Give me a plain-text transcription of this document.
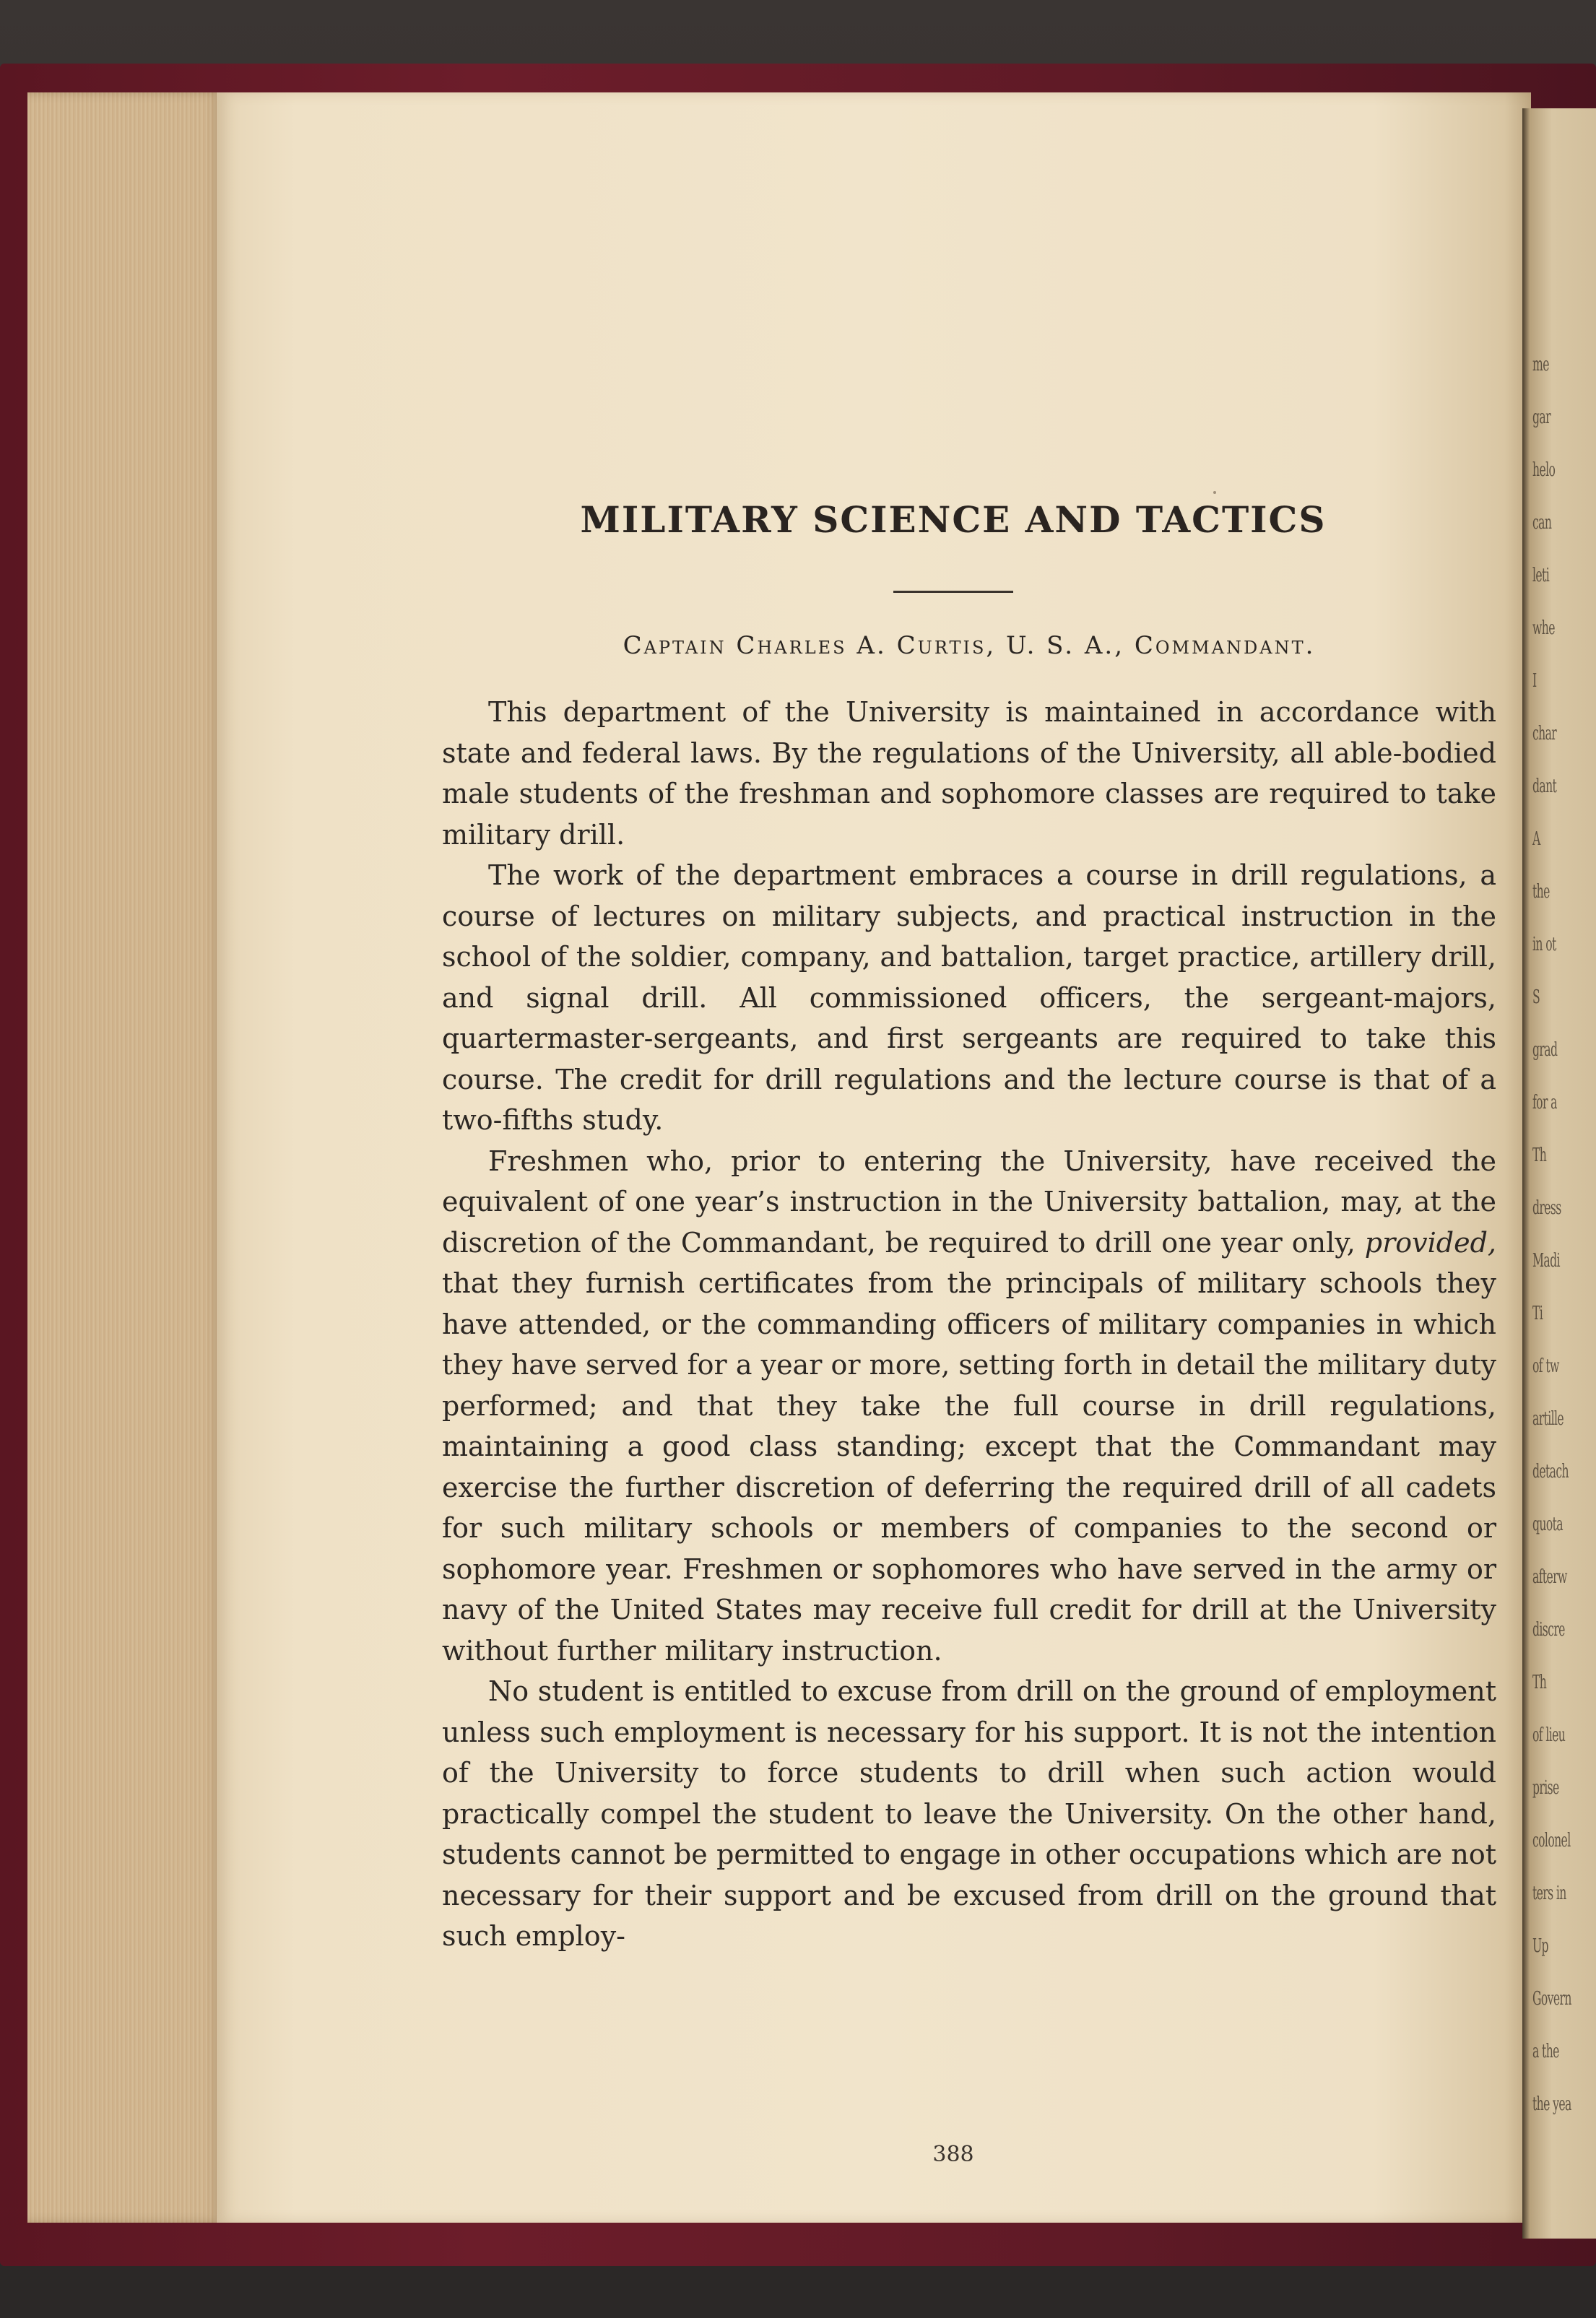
me
gar
helo
can
leti
whe
I
char
dant
A
the
in ot
S
grad
for a
Th
dress
Madi
Ti
of tw
artille
detach
quota
afterw
discre
Th
of lieu
prise
colonel
ters in
Up
Govern
a the
the yea
MILITARY SCIENCE AND TACTICS

Captain Charles A. Curtis, U. S. A., Commandant.

This department of the University is maintained in accordance with state and federal laws. By the regulations of the University, all able-bodied male students of the freshman and sophomore classes are required to take military drill.

The work of the department embraces a course in drill regulations, a course of lectures on military subjects, and practical instruction in the school of the soldier, company, and battalion, target practice, artillery drill, and signal drill. All commissioned officers, the sergeant-majors, quartermaster-sergeants, and first sergeants are required to take this course. The credit for drill regulations and the lecture course is that of a two-fifths study.

Freshmen who, prior to entering the University, have received the equivalent of one year’s instruction in the University battalion, may, at the discretion of the Commandant, be required to drill one year only, provided, that they furnish certificates from the principals of military schools they have attended, or the commanding officers of military companies in which they have served for a year or more, setting forth in detail the military duty performed; and that they take the full course in drill regulations, maintaining a good class standing; except that the Commandant may exercise the further discretion of deferring the required drill of all cadets for such military schools or members of companies to the second or sophomore year. Freshmen or sophomores who have served in the army or navy of the United States may receive full credit for drill at the University without further military instruction.

No student is entitled to excuse from drill on the ground of employment unless such employment is necessary for his support. It is not the intention of the University to force students to drill when such action would practically compel the student to leave the University. On the other hand, students cannot be permitted to engage in other occupations which are not necessary for their support and be excused from drill on the ground that such employ-

388
